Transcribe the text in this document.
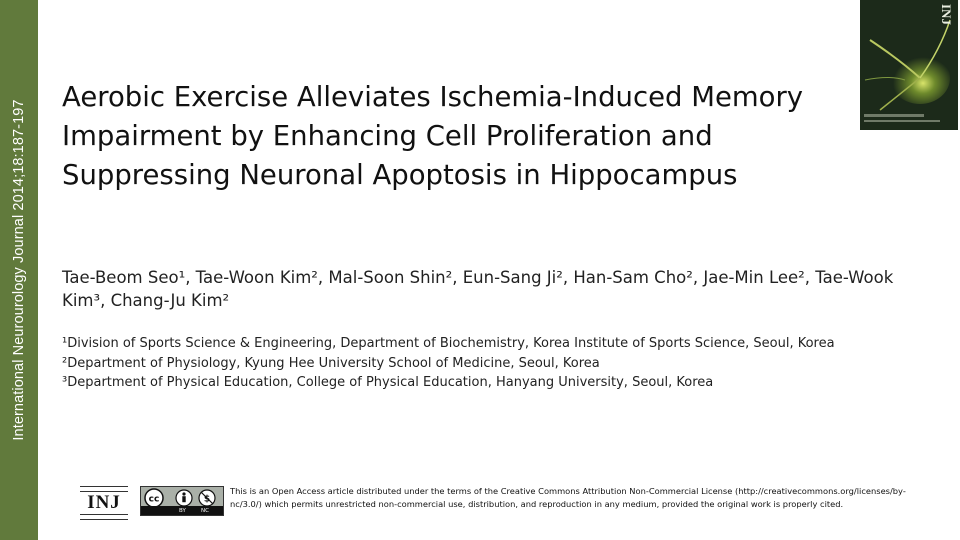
International Neurourology Journal 2014;18:187-197
INJ
Aerobic Exercise Alleviates Ischemia-Induced Memory Impairment by Enhancing Cell Proliferation and Suppressing Neuronal Apoptosis in Hippocampus
Tae-Beom Seo¹, Tae-Woon Kim², Mal-Soon Shin², Eun-Sang Ji², Han-Sam Cho², Jae-Min Lee², Tae-Wook Kim³, Chang-Ju Kim²
¹Division of Sports Science & Engineering, Department of Biochemistry, Korea Institute of Sports Science, Seoul, Korea
²Department of Physiology, Kyung Hee University School of Medicine, Seoul, Korea
³Department of Physical Education, College of Physical Education, Hanyang University, Seoul, Korea
INJ	cc	$
BY	NC
This is an Open Access article distributed under the terms of the Creative Commons Attribution Non-Commercial License (http://creativecommons.org/licenses/by-nc/3.0/) which permits unrestricted non-commercial use, distribution, and reproduction in any medium, provided the original work is properly cited.
